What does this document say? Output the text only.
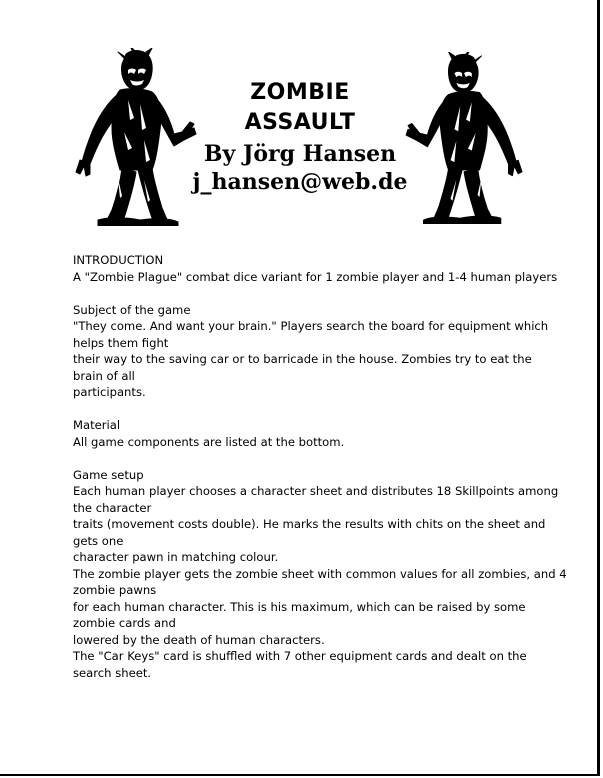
ZOMBIE
ASSAULT
By Jörg Hansen
j_hansen@web.de
INTRODUCTION
A "Zombie Plague" combat dice variant for 1 zombie player and 1-4 human players
Subject of the game
"They come. And want your brain." Players search the board for equipment which
helps them fight
their way to the saving car or to barricade in the house. Zombies try to eat the
brain of all
participants.
Material
All game components are listed at the bottom.
Game setup
Each human player chooses a character sheet and distributes 18 Skillpoints among
the character
traits (movement costs double). He marks the results with chits on the sheet and
gets one
character pawn in matching colour.
The zombie player gets the zombie sheet with common values for all zombies, and 4
zombie pawns
for each human character. This is his maximum, which can be raised by some
zombie cards and
lowered by the death of human characters.
The "Car Keys" card is shuffled with 7 other equipment cards and dealt on the
search sheet.
